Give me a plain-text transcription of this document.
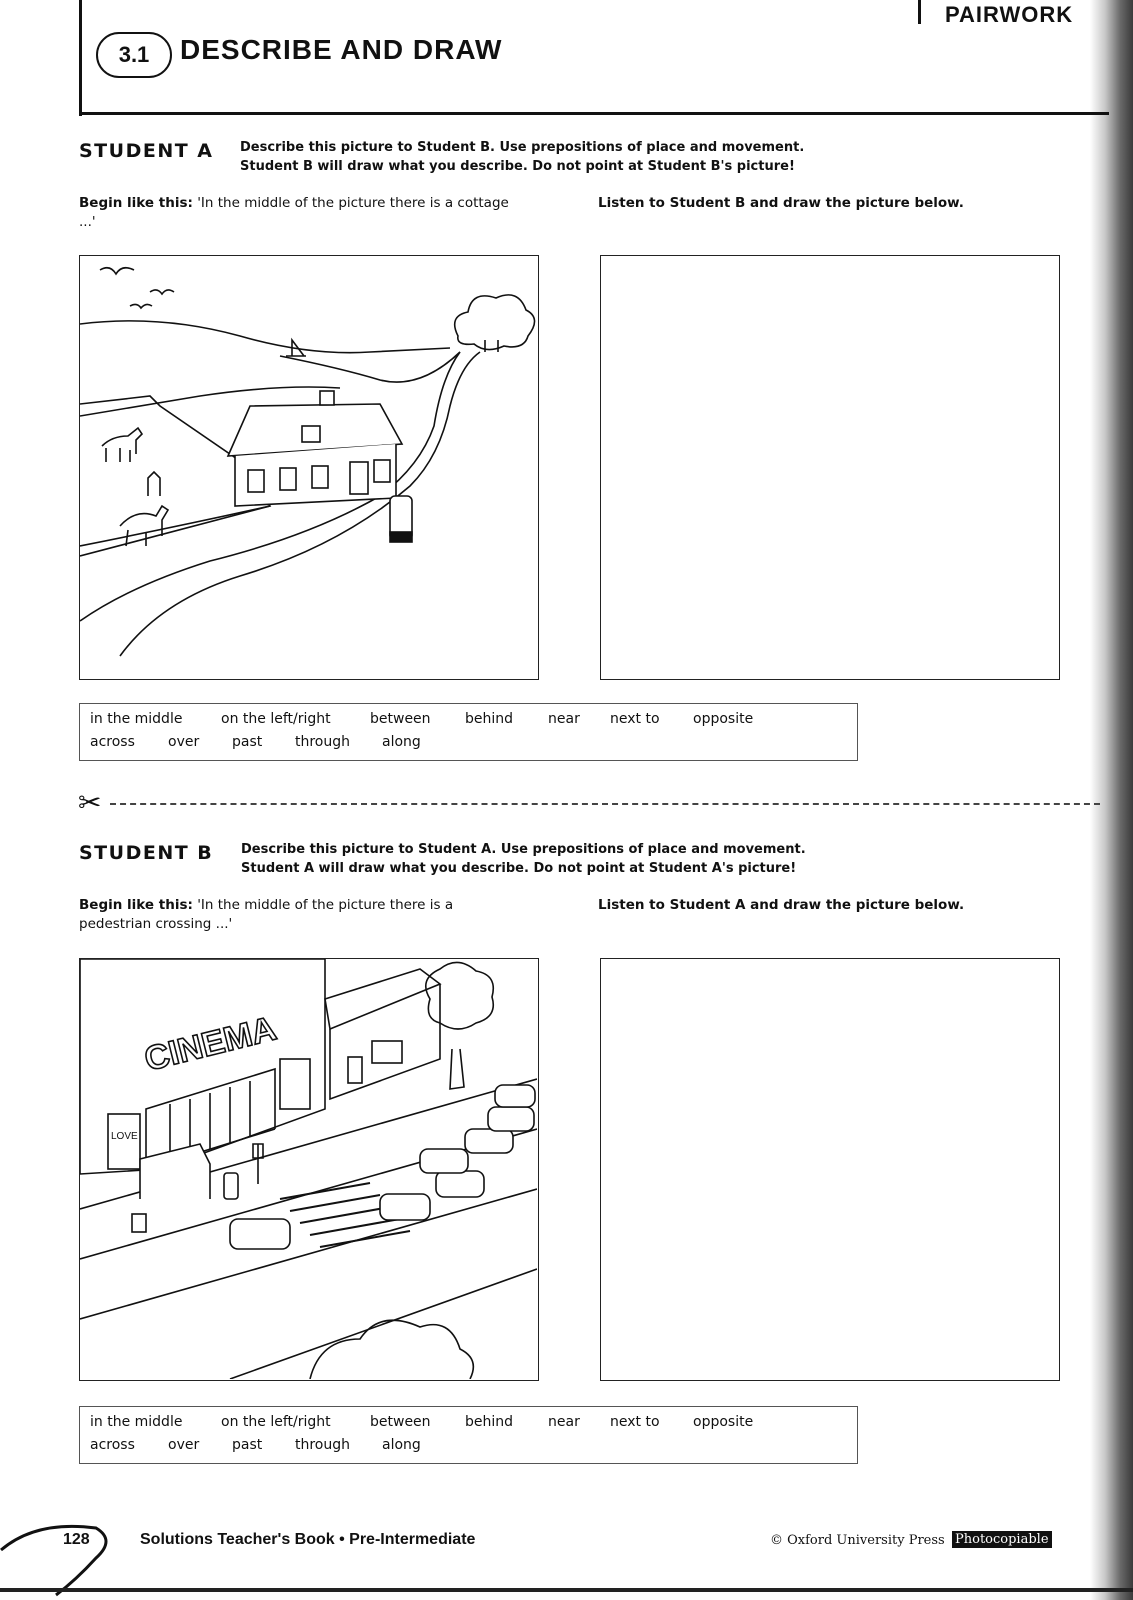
PAIRWORK
3.1 DESCRIBE AND DRAW
STUDENT A Describe this picture to Student B. Use prepositions of place and movement.
Student B will draw what you describe. Do not point at Student B's picture!
Begin like this: 'In the middle of the picture there is a cottage ...'
Listen to Student B and draw the picture below.
in the middle	on the left/right	between behind near next to opposite
across over past through along
✂
STUDENT B Describe this picture to Student A. Use prepositions of place and movement.
Student A will draw what you describe. Do not point at Student A's picture!
Begin like this: 'In the middle of the picture there is a pedestrian crossing ...'
Listen to Student A and draw the picture below.
CINEMA
LOVE
in the middle	on the left/right	between behind near next to opposite
across over past through along
128	Solutions Teacher's Book • Pre-Intermediate	© Oxford University Press Photocopiable
